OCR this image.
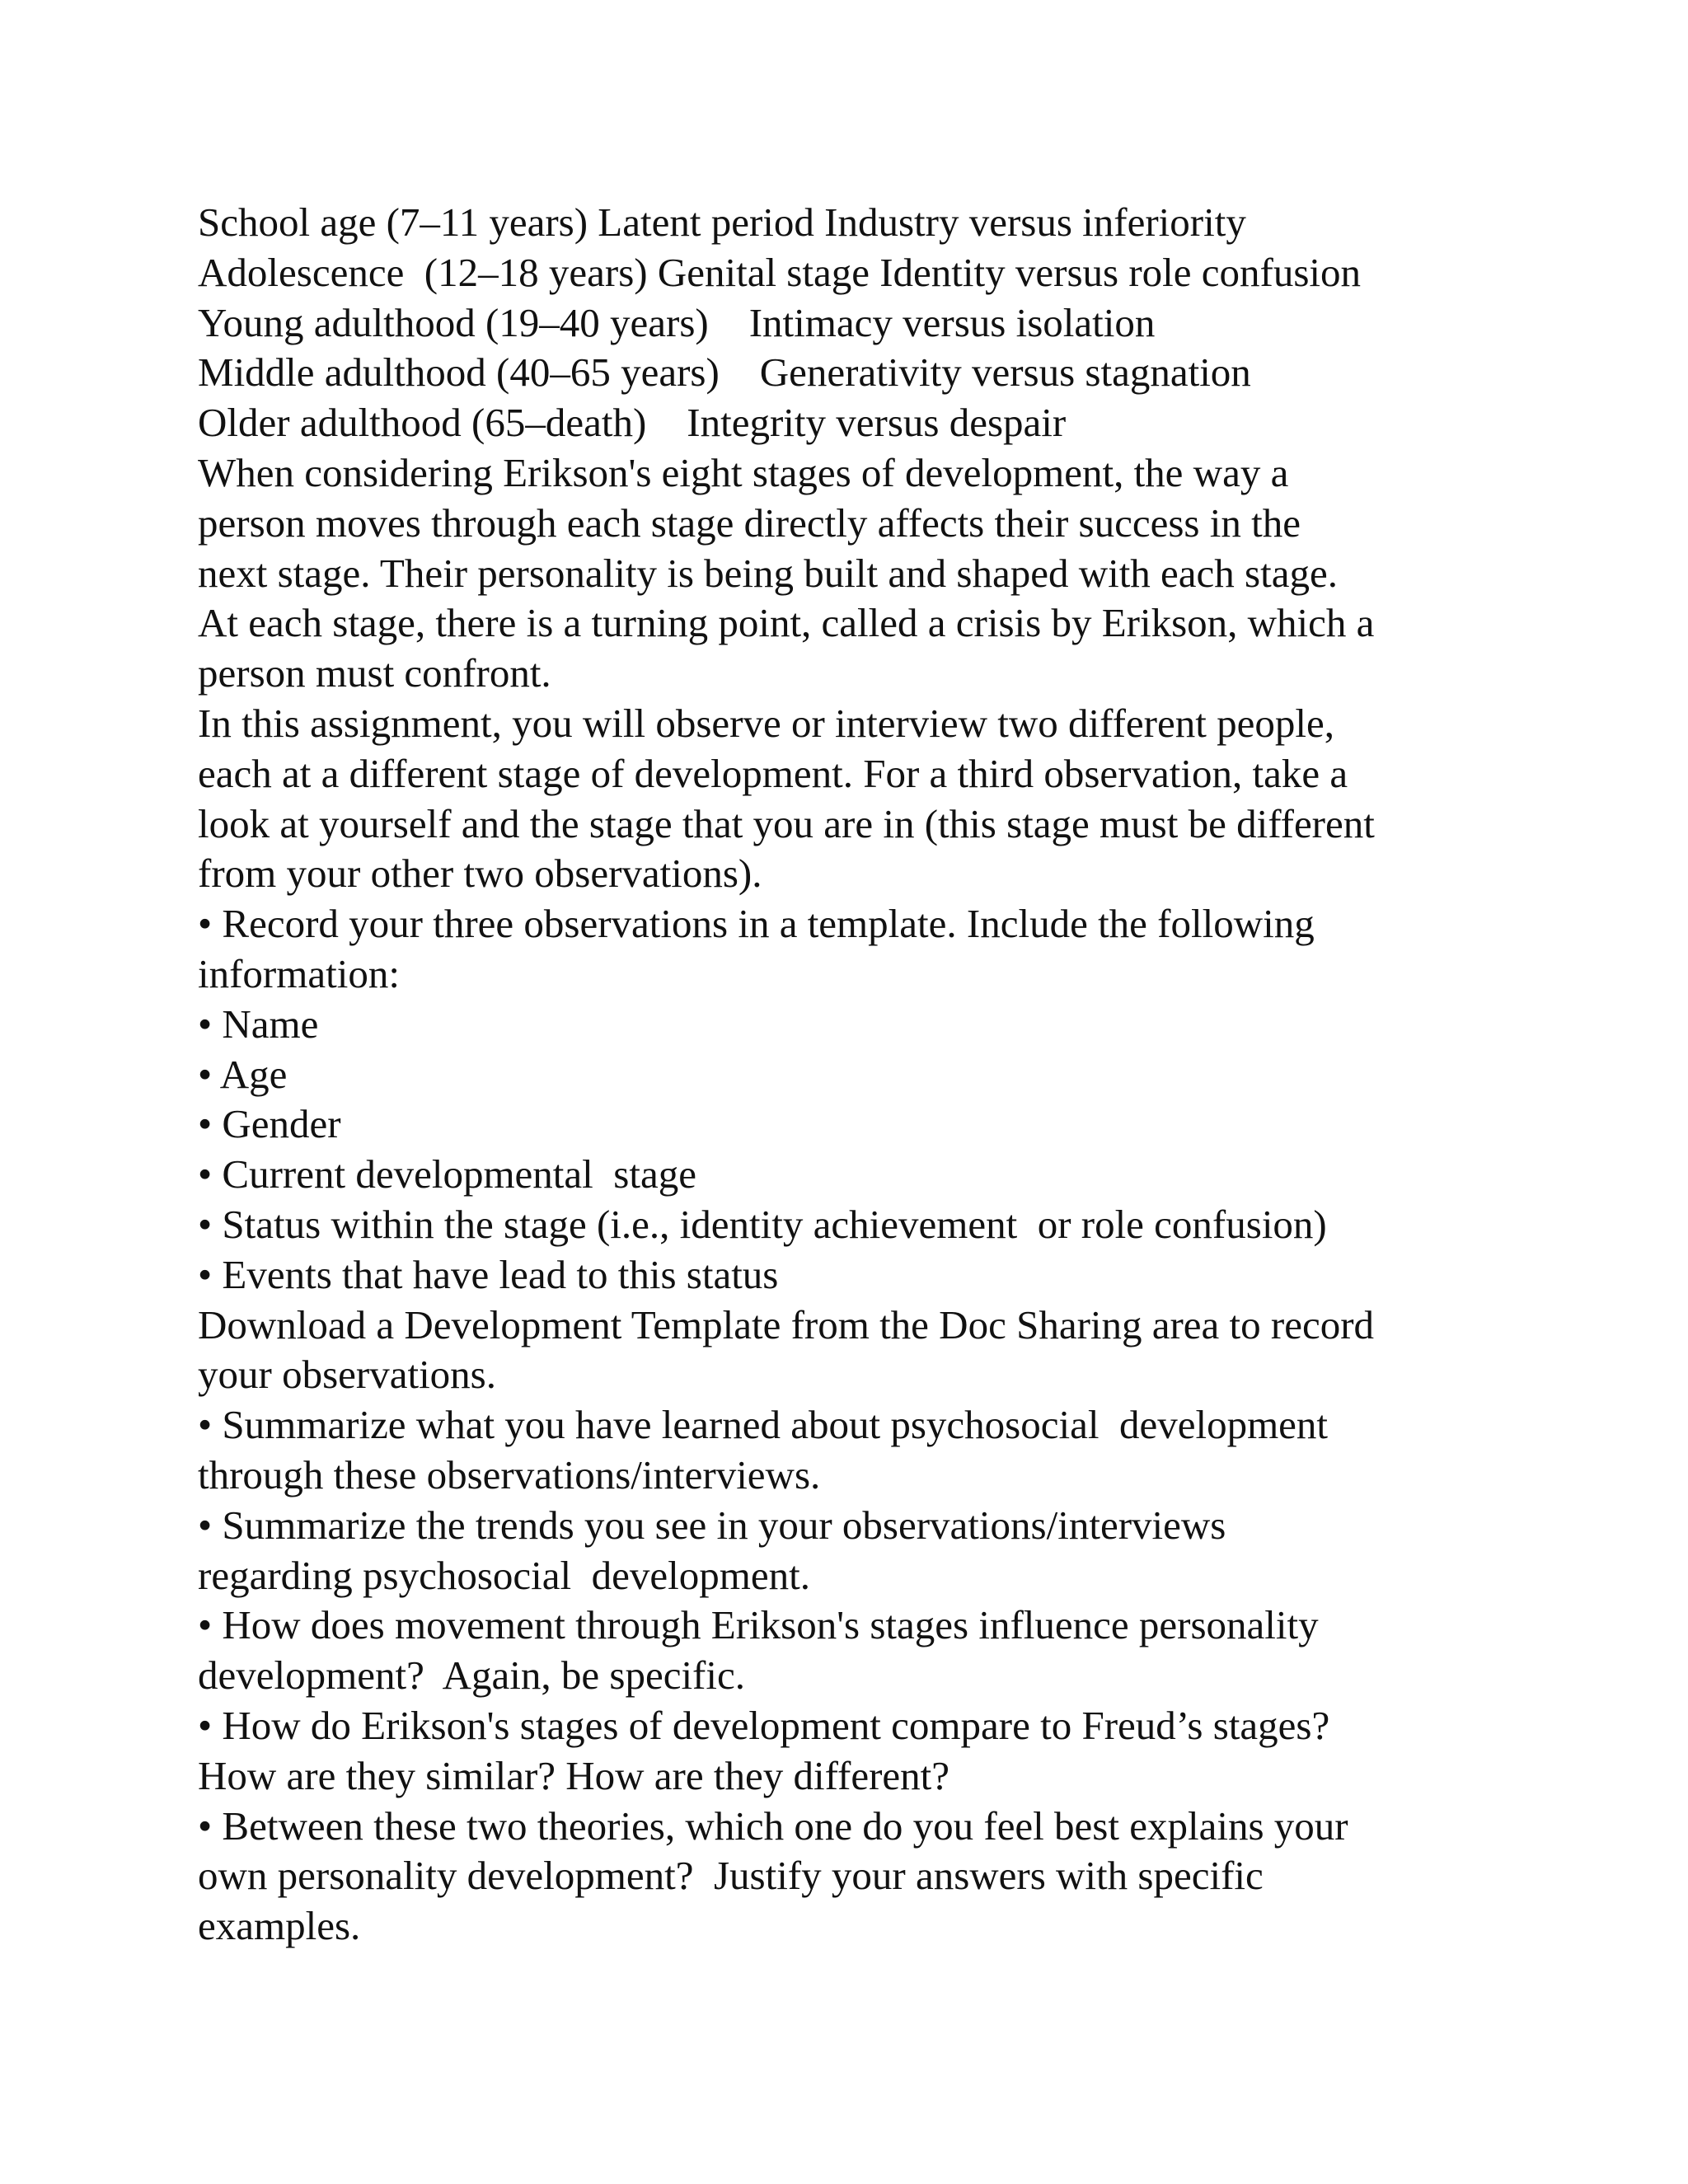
School age (7–11 years) Latent period Industry versus inferiority
Adolescence  (12–18 years) Genital stage Identity versus role confusion
Young adulthood (19–40 years)    Intimacy versus isolation
Middle adulthood (40–65 years)    Generativity versus stagnation
Older adulthood (65–death)    Integrity versus despair
When considering Erikson's eight stages of development, the way a
person moves through each stage directly affects their success in the
next stage. Their personality is being built and shaped with each stage.
At each stage, there is a turning point, called a crisis by Erikson, which a
person must confront.
In this assignment, you will observe or interview two different people,
each at a different stage of development. For a third observation, take a
look at yourself and the stage that you are in (this stage must be different
from your other two observations).
• Record your three observations in a template. Include the following
information:
• Name
• Age
• Gender
• Current developmental  stage
• Status within the stage (i.e., identity achievement  or role confusion)
• Events that have lead to this status
Download a Development Template from the Doc Sharing area to record
your observations.
• Summarize what you have learned about psychosocial  development
through these observations/interviews.
• Summarize the trends you see in your observations/interviews
regarding psychosocial  development.
• How does movement through Erikson's stages influence personality
development?  Again, be specific.
• How do Erikson's stages of development compare to Freud’s stages?
How are they similar? How are they different?
• Between these two theories, which one do you feel best explains your
own personality development?  Justify your answers with specific
examples.
